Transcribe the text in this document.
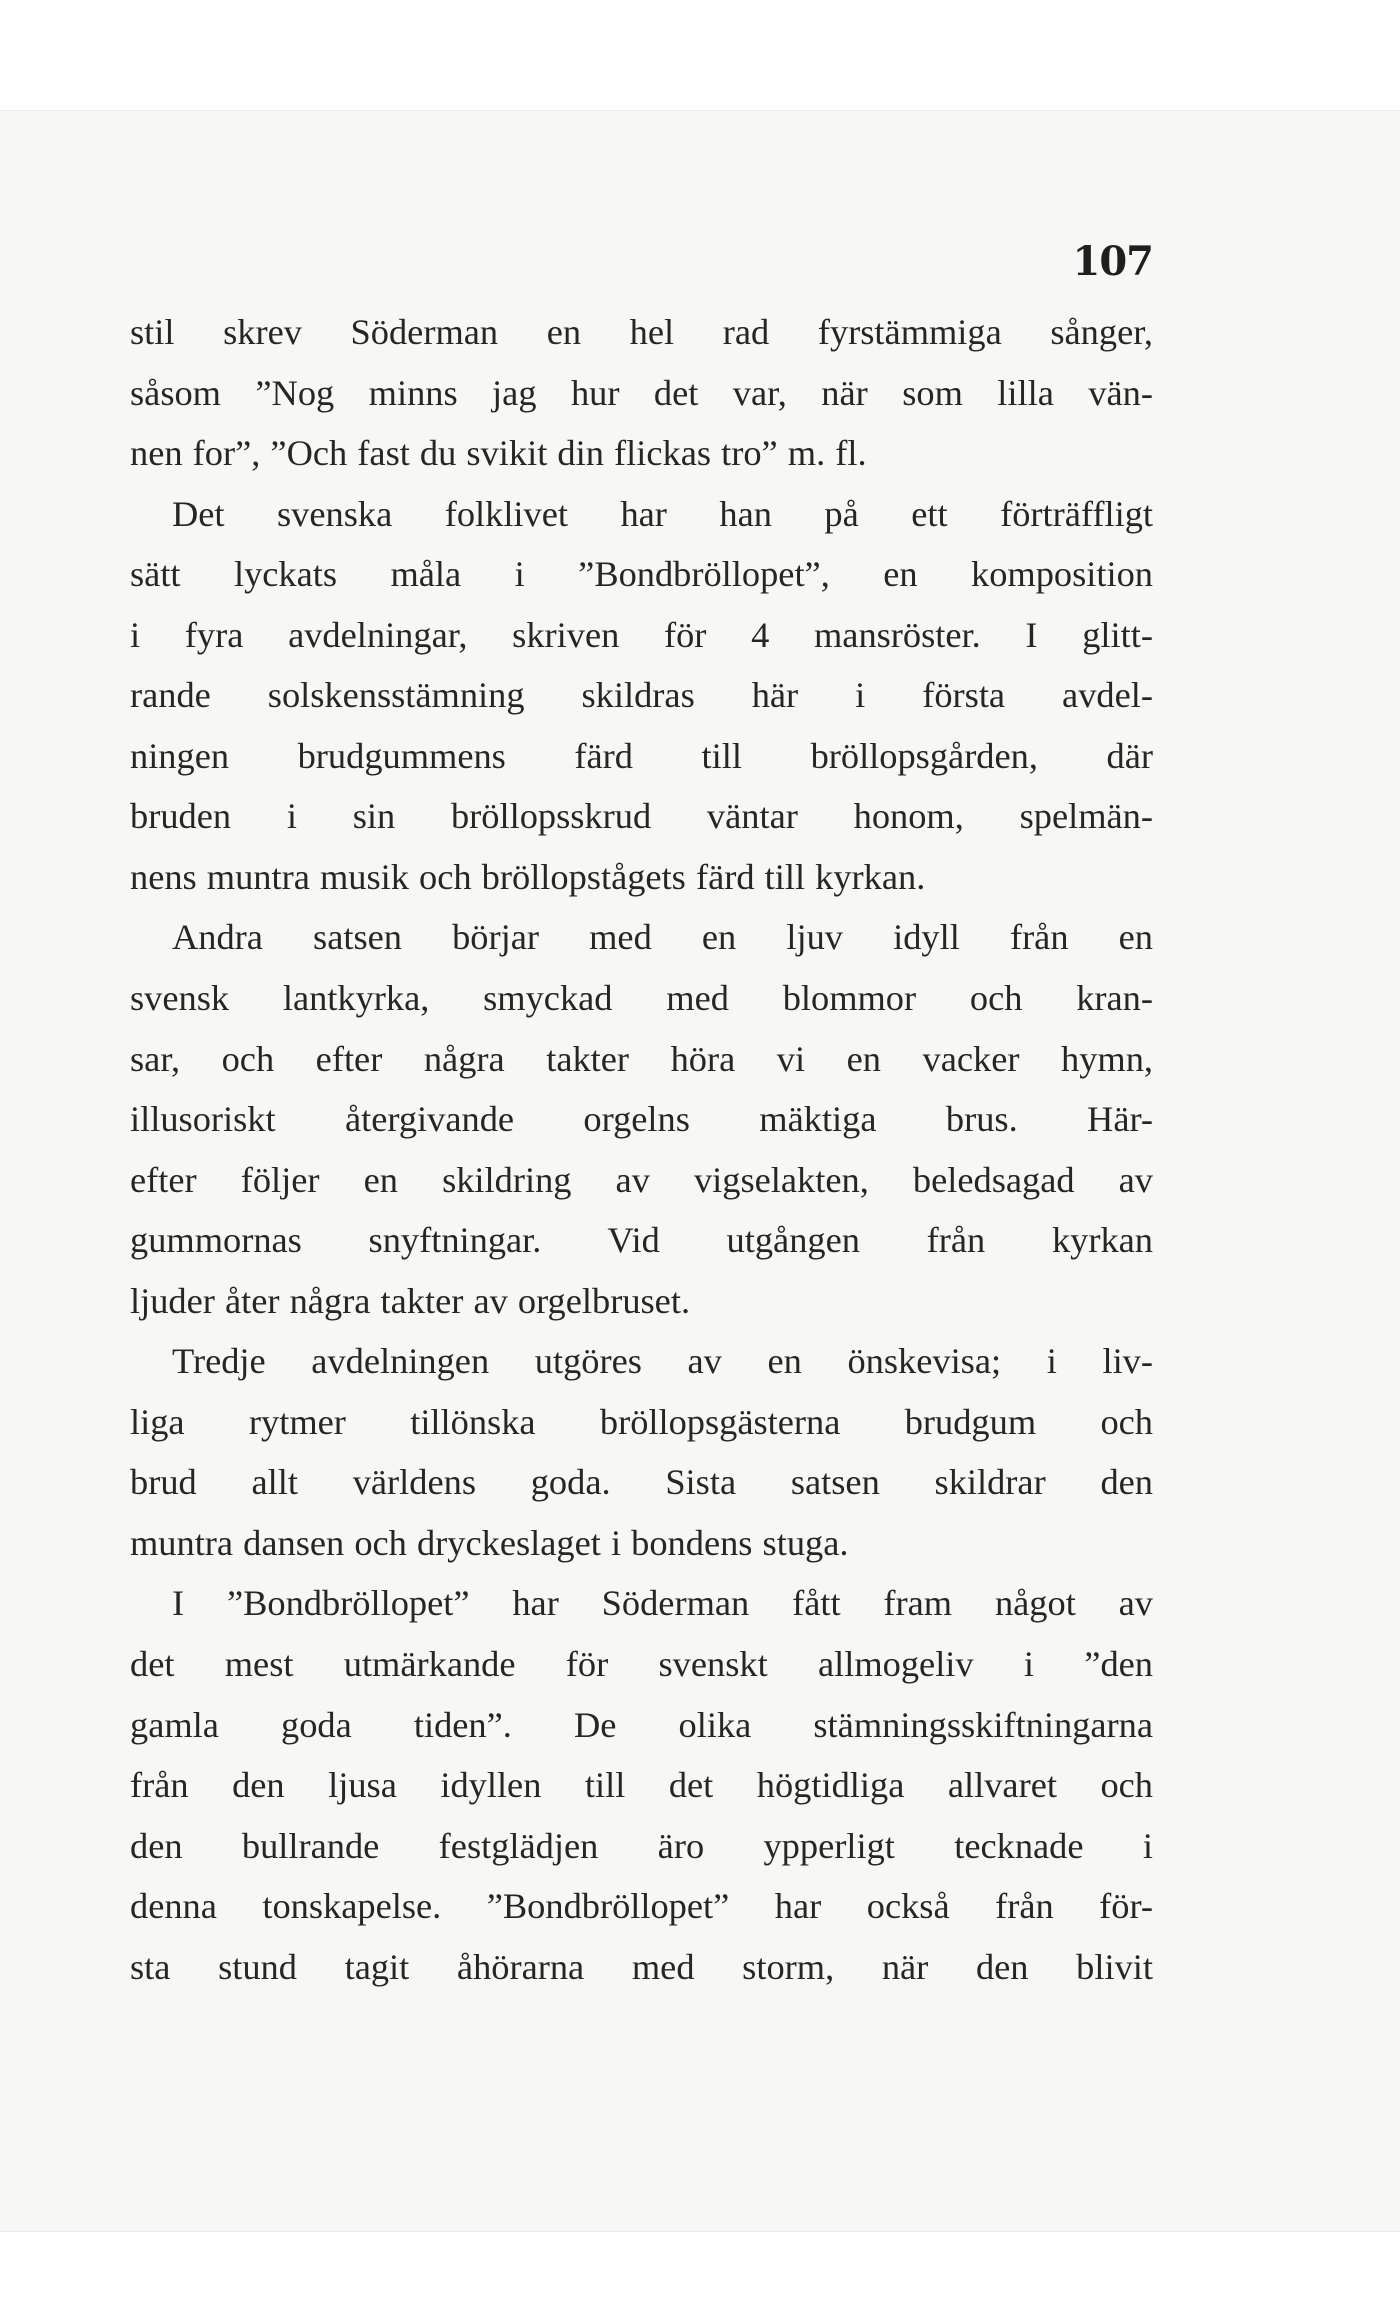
107
stil skrev Söderman en hel rad fyrstämmiga sånger,
såsom ”Nog minns jag hur det var, när som lilla vän-
nen for”, ”Och fast du svikit din flickas tro” m. fl.
Det svenska folklivet har han på ett förträffligt
sätt lyckats måla i ”Bondbröllopet”, en komposition
i fyra avdelningar, skriven för 4 mansröster. I glitt-
rande solskensstämning skildras här i första avdel-
ningen brudgummens färd till bröllopsgården, där
bruden i sin bröllopsskrud väntar honom, spelmän-
nens muntra musik och bröllopstågets färd till kyrkan.
Andra satsen börjar med en ljuv idyll från en
svensk lantkyrka, smyckad med blommor och kran-
sar, och efter några takter höra vi en vacker hymn,
illusoriskt återgivande orgelns mäktiga brus. Här-
efter följer en skildring av vigselakten, beledsagad av
gummornas snyftningar. Vid utgången från kyrkan
ljuder åter några takter av orgelbruset.
Tredje avdelningen utgöres av en önskevisa; i liv-
liga rytmer tillönska bröllopsgästerna brudgum och
brud allt världens goda. Sista satsen skildrar den
muntra dansen och dryckeslaget i bondens stuga.
I ”Bondbröllopet” har Söderman fått fram något av
det mest utmärkande för svenskt allmogeliv i ”den
gamla goda tiden”. De olika stämningsskiftningarna
från den ljusa idyllen till det högtidliga allvaret och
den bullrande festglädjen äro ypperligt tecknade i
denna tonskapelse. ”Bondbröllopet” har också från för-
sta stund tagit åhörarna med storm, när den blivit
